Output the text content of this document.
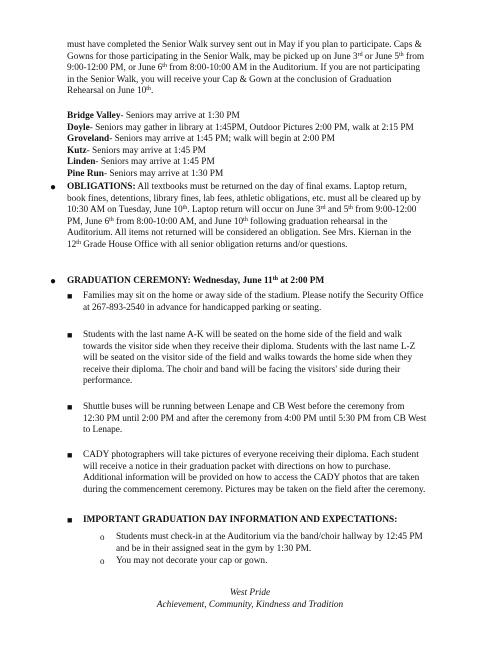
must have completed the Senior Walk survey sent out in May if you plan to participate. Caps &
Gowns for those participating in the Senior Walk, may be picked up on June 3rd or June 5th from
9:00-12:00 PM, or June 6th from 8:00-10:00 AM in the Auditorium. If you are not participating
in the Senior Walk, you will receive your Cap & Gown at the conclusion of Graduation
Rehearsal on June 10th.
Bridge Valley- Seniors may arrive at 1:30 PM
Doyle- Seniors may gather in library at 1:45PM, Outdoor Pictures 2:00 PM, walk at 2:15 PM
Groveland- Seniors may arrive at 1:45 PM; walk will begin at 2:00 PM
Kutz- Seniors may arrive at 1:45 PM
Linden- Seniors may arrive at 1:45 PM
Pine Run- Seniors may arrive at 1:30 PM
● OBLIGATIONS: All textbooks must be returned on the day of final exams. Laptop return,
book fines, detentions, library fines, lab fees, athletic obligations, etc. must all be cleared up by
10:30 AM on Tuesday, June 10th. Laptop return will occur on June 3rd and 5th from 9:00-12:00
PM, June 6th from 8:00-10:00 AM, and June 10th following graduation rehearsal in the
Auditorium. All items not returned will be considered an obligation. See Mrs. Kiernan in the
12th Grade House Office with all senior obligation returns and/or questions.
● GRADUATION CEREMONY: Wednesday, June 11th at 2:00 PM
■ Families may sit on the home or away side of the stadium. Please notify the Security Office
at 267-893-2540 in advance for handicapped parking or seating.
■ Students with the last name A-K will be seated on the home side of the field and walk
towards the visitor side when they receive their diploma. Students with the last name L-Z
will be seated on the visitor side of the field and walks towards the home side when they
receive their diploma. The choir and band will be facing the visitors' side during their
performance.
■ Shuttle buses will be running between Lenape and CB West before the ceremony from
12:30 PM until 2:00 PM and after the ceremony from 4:00 PM until 5:30 PM from CB West
to Lenape.
■ CADY photographers will take pictures of everyone receiving their diploma. Each student
will receive a notice in their graduation packet with directions on how to purchase.
Additional information will be provided on how to access the CADY photos that are taken
during the commencement ceremony. Pictures may be taken on the field after the ceremony.
■ IMPORTANT GRADUATION DAY INFORMATION AND EXPECTATIONS:
o Students must check-in at the Auditorium via the band/choir hallway by 12:45 PM
and be in their assigned seat in the gym by 1:30 PM.
o You may not decorate your cap or gown.
West Pride
Achievement, Community, Kindness and Tradition
